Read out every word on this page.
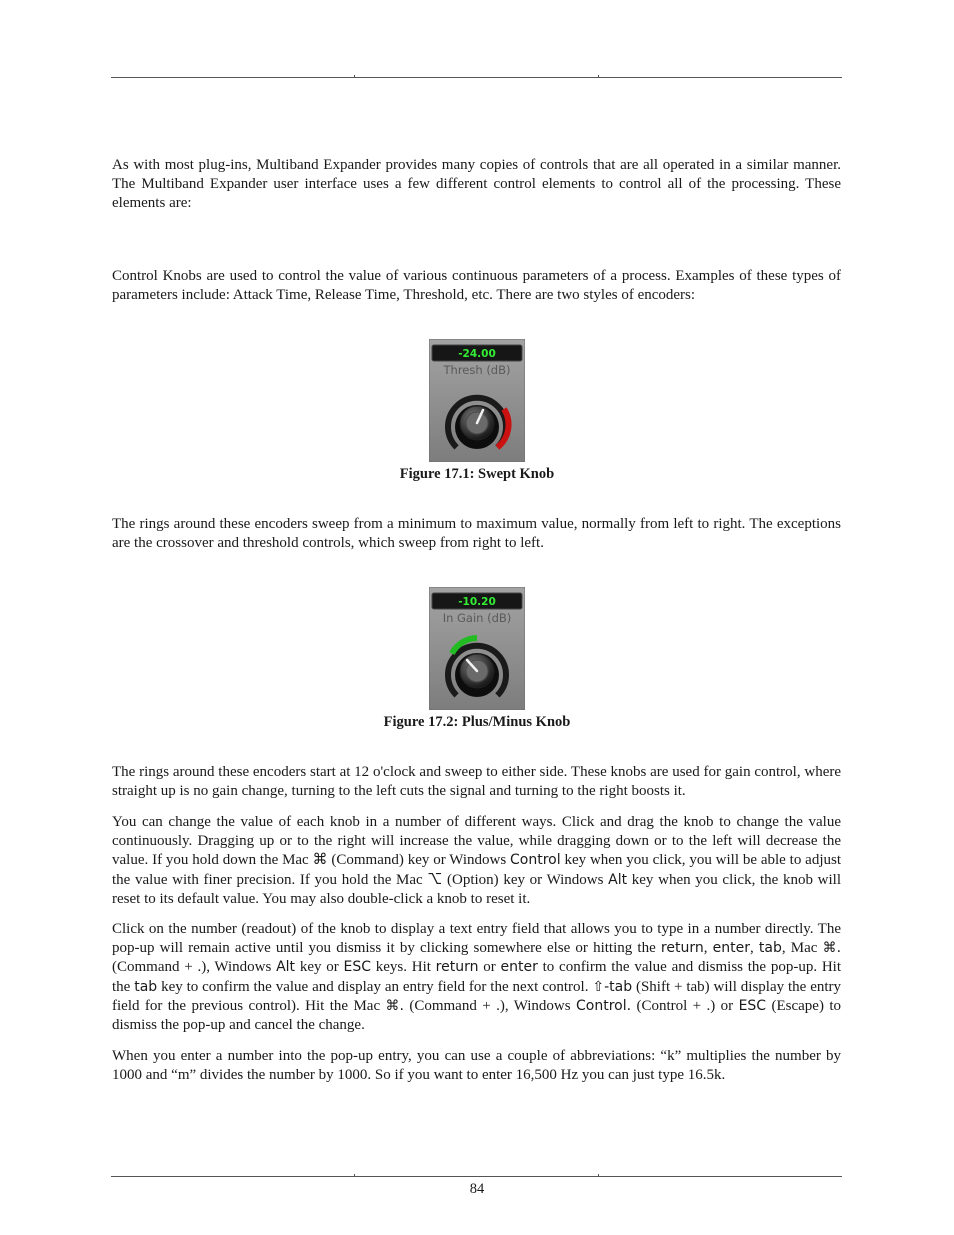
As with most plug-ins, Multiband Expander provides many copies of controls that are all operated in a similar manner. The Multiband Expander user interface uses a few different control elements to control all of the processing. These elements are:

Control Knobs are used to control the value of various continuous parameters of a process. Examples of these types of parameters include: Attack Time, Release Time, Threshold, etc. There are two styles of encoders:

-24.00
Thresh (dB)
Figure 17.1: Swept Knob

The rings around these encoders sweep from a minimum to maximum value, normally from left to right. The exceptions are the crossover and threshold controls, which sweep from right to left.

-10.20
In Gain (dB)
Figure 17.2: Plus/Minus Knob

The rings around these encoders start at 12 o'clock and sweep to either side. These knobs are used for gain control, where straight up is no gain change, turning to the left cuts the signal and turning to the right boosts it.

You can change the value of each knob in a number of different ways. Click and drag the knob to change the value continuously. Dragging up or to the right will increase the value, while dragging down or to the left will decrease the value. If you hold down the Mac ⌘ (Command) key or Windows Control key when you click, you will be able to adjust the value with finer precision. If you hold the Mac ⌥ (Option) key or Windows Alt key when you click, the knob will reset to its default value. You may also double-click a knob to reset it.

Click on the number (readout) of the knob to display a text entry field that allows you to type in a number directly. The pop-up will remain active until you dismiss it by clicking somewhere else or hitting the return, enter, tab, Mac ⌘. (Command + .), Windows Alt key or ESC keys. Hit return or enter to confirm the value and dismiss the pop-up. Hit the tab key to confirm the value and display an entry field for the next control. ⇧-tab (Shift + tab) will display the entry field for the previous control). Hit the Mac ⌘. (Command + .), Windows Control. (Control + .) or ESC (Escape) to dismiss the pop-up and cancel the change.

When you enter a number into the pop-up entry, you can use a couple of abbreviations: “k” multiplies the number by 1000 and “m” divides the number by 1000. So if you want to enter 16,500 Hz you can just type 16.5k.

84
